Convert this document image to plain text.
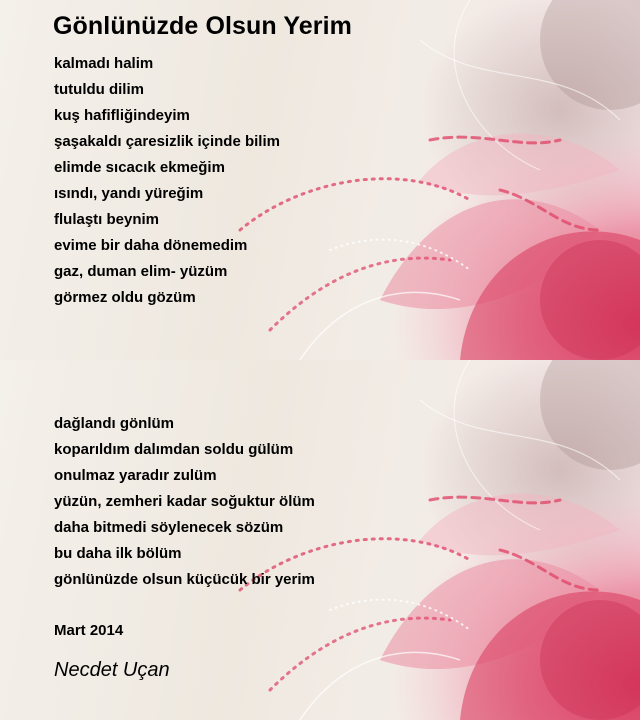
Gönlünüzde Olsun Yerim
kalmadı halim
tutuldu dilim
kuş hafifliğindeyim
şaşakaldı çaresizlik içinde bilim
elimde sıcacık ekmeğim
ısındı, yandı yüreğim
flulaştı beynim
evime bir daha dönemedim
gaz, duman elim- yüzüm
görmez oldu gözüm
dağlandı gönlüm
koparıldım dalımdan soldu gülüm
onulmaz yaradır zulüm
yüzün, zemheri kadar soğuktur ölüm
daha bitmedi söylenecek sözüm
bu daha ilk bölüm
gönlünüzde olsun küçücük bir yerim

Mart 2014

Necdet Uçan
